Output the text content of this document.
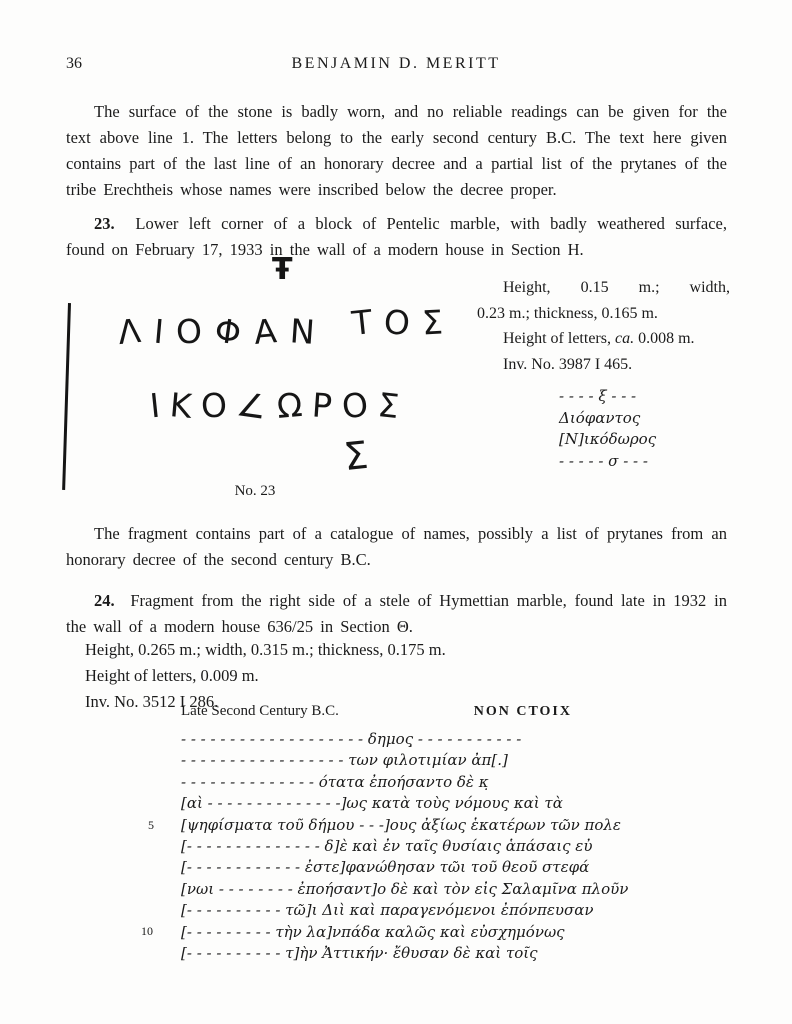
36	BENJAMIN D. MERITT

The surface of the stone is badly worn, and no reliable readings can be given for the text above line 1. The letters belong to the early second century B.C. The text here given contains part of the last line of an honorary decree and a partial list of the prytanes of the tribe Erechtheis whose names were inscribed below the decree proper.

23. Lower left corner of a block of Pentelic marble, with badly weathered surface, found on February 17, 1933 in the wall of a modern house in Section H.

Ŧ
Λ Ι Ο Φ Α Ν	Τ Ο Σ
Ι Κ Ο ∠ Ω Ρ Ο Σ
Σ
No. 23
Height, 0.15 m.; width,
0.23 m.; thickness, 0.165 m.
Height of letters, ca. 0.008 m.
Inv. No. 3987 I 465.
- - - - ξ - - -
Διόφαντος
[Ν]ικόδωρος
- - - - - σ - - -

The fragment contains part of a catalogue of names, possibly a list of prytanes from an honorary decree of the second century B.C.

24. Fragment from the right side of a stele of Hymettian marble, found late in 1932 in the wall of a modern house 636/25 in Section Θ.

Height, 0.265 m.; width, 0.315 m.; thickness, 0.175 m.
Height of letters, 0.009 m.
Inv. No. 3512 I 286.
Late Second Century B.C.	NON CTOIX
5
10
- - - - - - - - - - - - - - - - - - - δημος̣ - - - - - - - - - - -
- - - - - - - - - - - - - - - - - των φιλοτιμίαν ἀπ[.]
- - - - - - - - - - - - - - ότατα ἐποήσαντο δὲ κ̣
[αὶ - - - - - - - - - - - - - -]ως κατὰ τοὺς νόμους καὶ τὰ
[ψηφίσματα τοῦ δήμου - - -]ους ἀξίως ἑκατέρων τῶν πολε
[- - - - - - - - - - - - - - δ]ὲ καὶ ἐν ταῖς θυσίαις ἁπάσαις εὐ
[- - - - - - - - - - - - ἐστε]φανώθησαν τῶι τοῦ θεοῦ στεφά
[νωι - - - - - - - - ἐποήσαντ]ο δὲ καὶ τὸν εἰς Σαλαμῖνα πλοῦν
[- - - - - - - - - - τῶ]ι Διὶ καὶ παραγενόμενοι ἐπόνπευσαν
[- - - - - - - - - τὴν λα]νπάδα καλῶς καὶ εὐσχημόνως
[- - - - - - - - - - τ]ὴν Ἀττικήν· ἔθυσαν δὲ καὶ τοῖς
